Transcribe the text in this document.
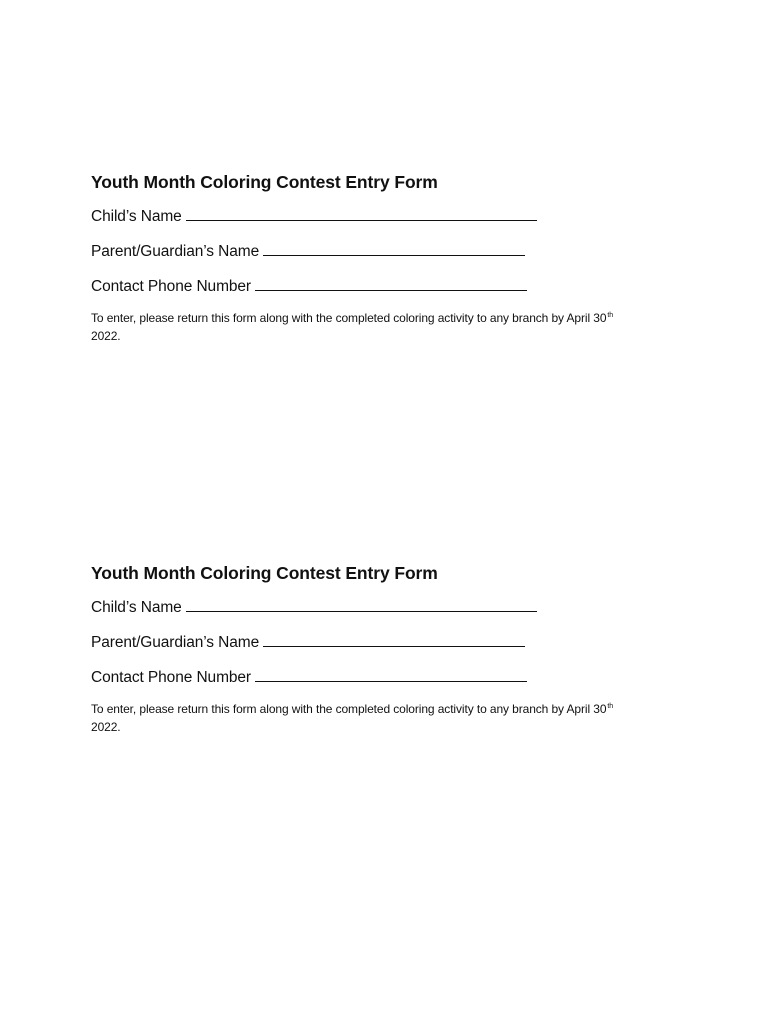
Youth Month Coloring Contest Entry Form
Child’s Name
Parent/Guardian’s Name
Contact Phone Number

To enter, please return this form along with the completed coloring activity to any branch by April 30th
2022.

Youth Month Coloring Contest Entry Form
Child’s Name
Parent/Guardian’s Name
Contact Phone Number

To enter, please return this form along with the completed coloring activity to any branch by April 30th
2022.
